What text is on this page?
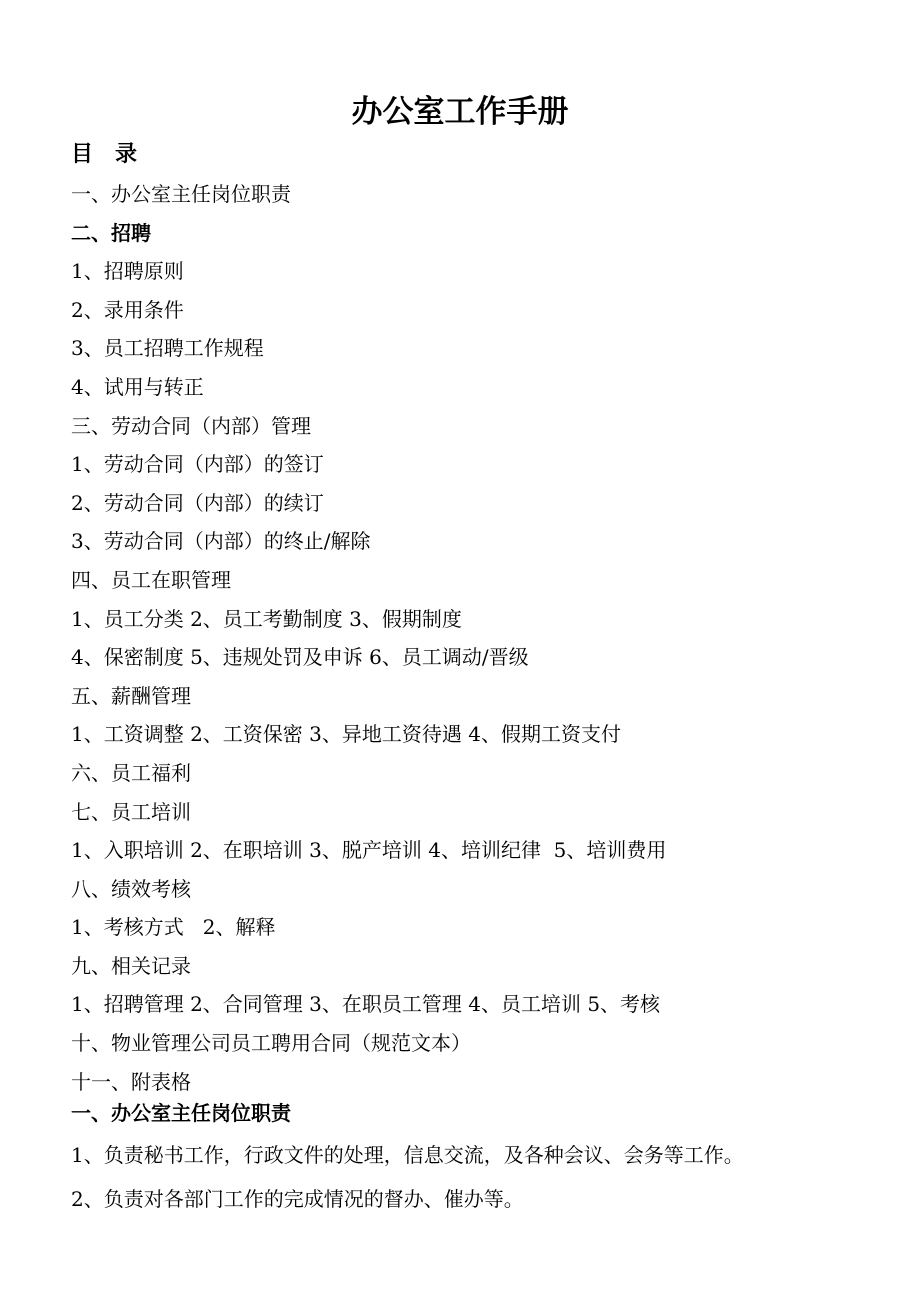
办公室工作手册
目 录
一、办公室主任岗位职责
二、招聘
1、招聘原则
2、录用条件
3、员工招聘工作规程
4、试用与转正
三、劳动合同（内部）管理
1、劳动合同（内部）的签订
2、劳动合同（内部）的续订
3、劳动合同（内部）的终止/解除
四、员工在职管理
1、员工分类 2、员工考勤制度 3、假期制度
4、保密制度 5、违规处罚及申诉 6、员工调动/晋级
五、薪酬管理
1、工资调整 2、工资保密 3、异地工资待遇 4、假期工资支付
六、员工福利
七、员工培训
1、入职培训 2、在职培训 3、脱产培训 4、培训纪律  5、培训费用
八、绩效考核
1、考核方式   2、解释
九、相关记录
1、招聘管理 2、合同管理 3、在职员工管理 4、员工培训 5、考核
十、物业管理公司员工聘用合同（规范文本）
十一、附表格
一、办公室主任岗位职责

1、负责秘书工作，行政文件的处理，信息交流，及各种会议、会务等工作。

2、负责对各部门工作的完成情况的督办、催办等。
